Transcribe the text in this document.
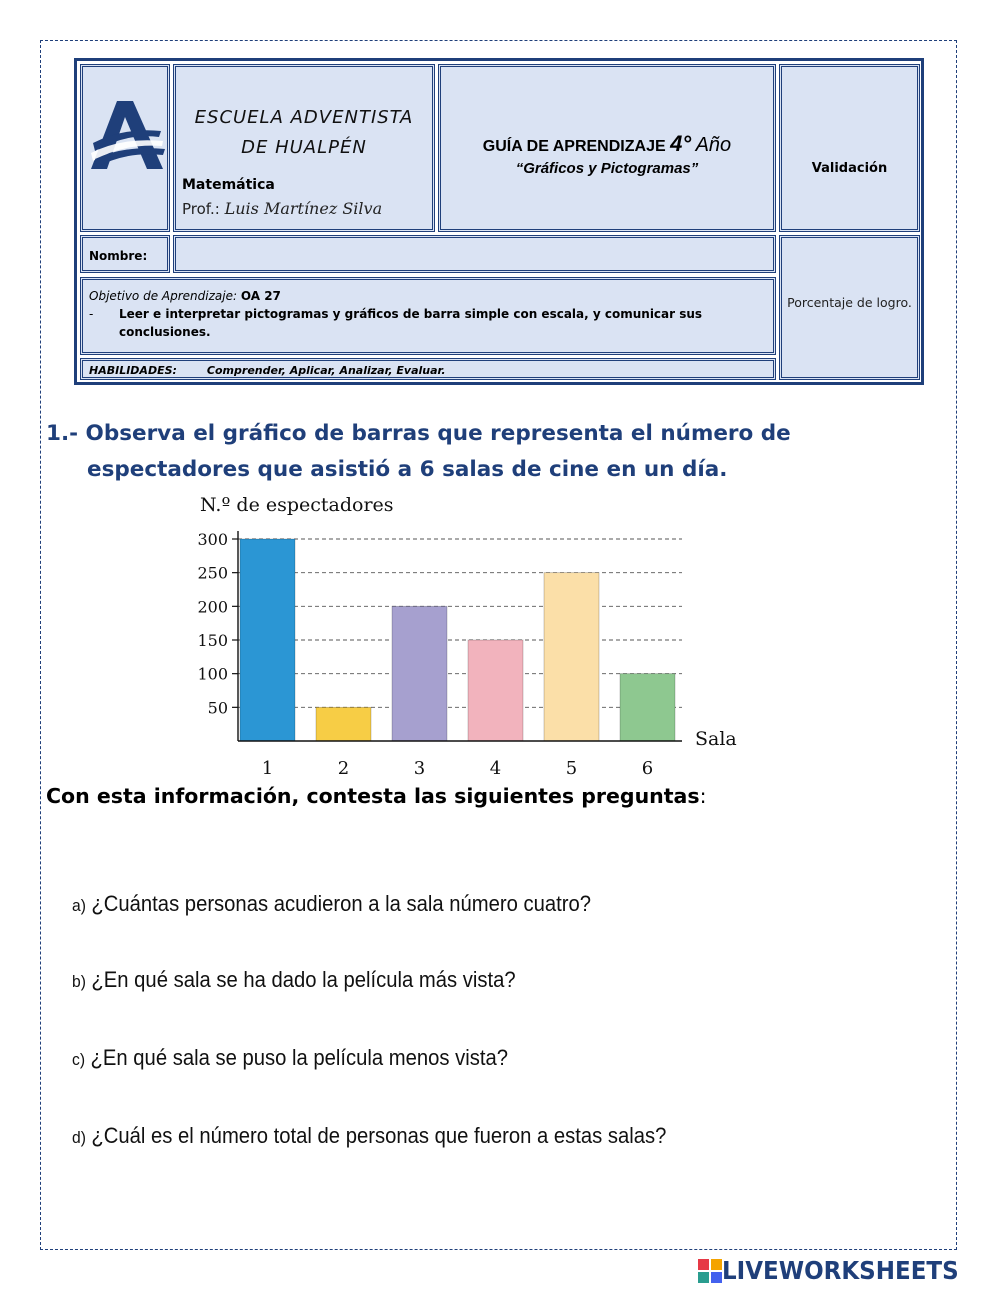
ESCUELA ADVENTISTA
DE HUALPÉN
Matemática
Prof.: Luis Martínez Silva
GUÍA DE APRENDIZAJE 4° Año
“Gráficos y Pictogramas”	Validación
Nombre:
Objetivo de Aprendizaje: OA 27
-	Leer e interpretar pictogramas y gráficos de barra simple con escala, y comunicar sus conclusiones.
HABILIDADES:	Comprender, Aplicar, Analizar, Evaluar.
Porcentaje de logro.
1.- Observa el gráfico de barras que representa el número de
espectadores que asistió a 6 salas de cine en un día.
50
100
150
200
250
300
1	2	3	4	5	6
N.º de espectadores
Sala
Con esta información, contesta las siguientes preguntas:
a) ¿Cuántas personas acudieron a la sala número cuatro?
b) ¿En qué sala se ha dado la película más vista?
c) ¿En qué sala se puso la película menos vista?
d) ¿Cuál es el número total de personas que fueron a estas salas?
LIVEWORKSHEETS
